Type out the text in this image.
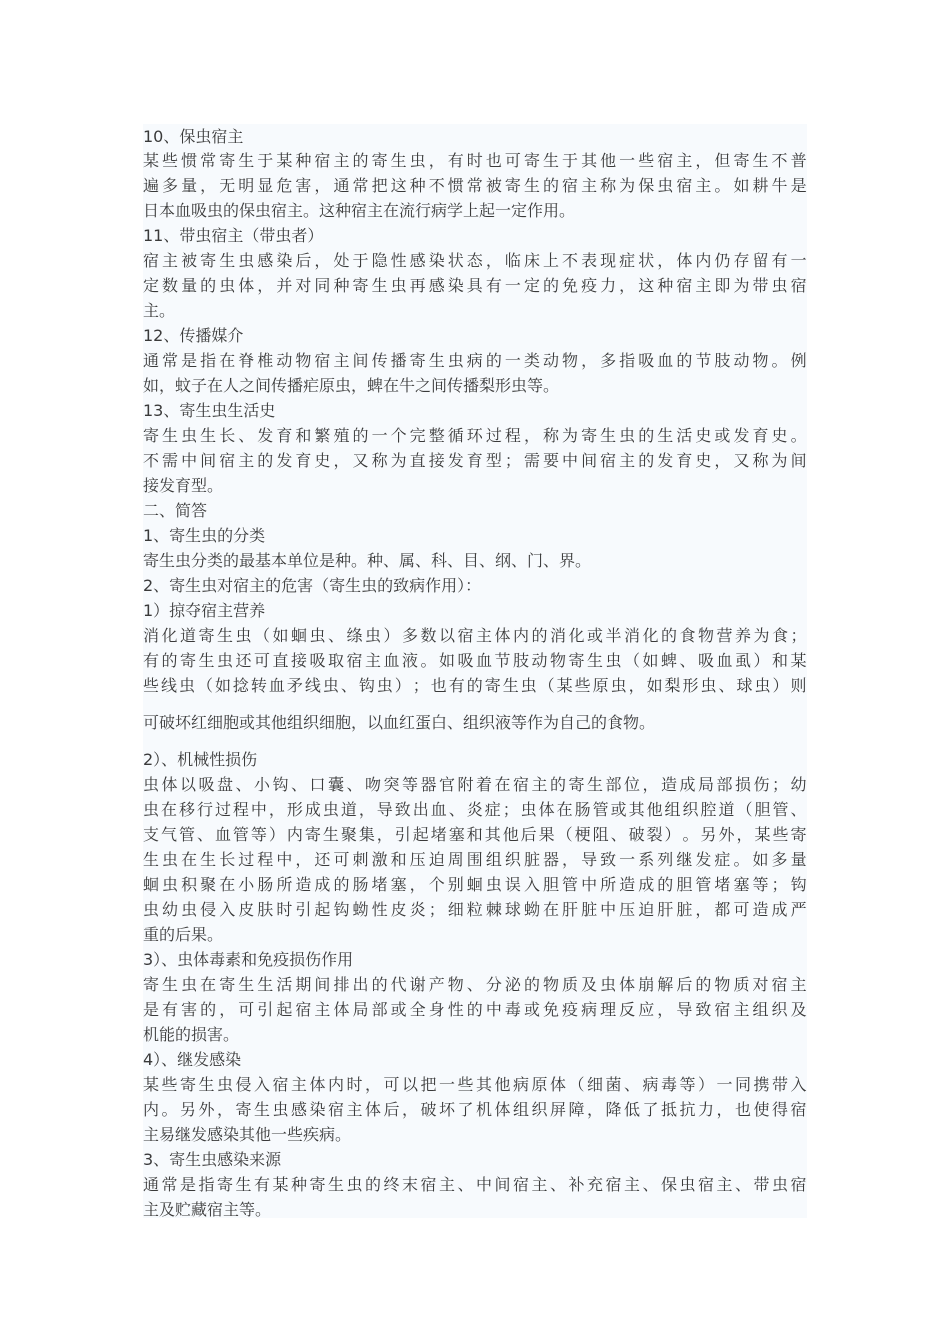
10、保虫宿主
某 些 惯 常 寄 生 于 某 种 宿 主 的 寄 生 虫 ， 有 时 也 可 寄 生 于 其 他 一 些 宿 主 ， 但 寄 生 不 普
遍 多 量 ， 无 明 显 危 害 ， 通 常 把 这 种 不 惯 常 被 寄 生 的 宿 主 称 为 保 虫 宿 主 。 如 耕 牛 是
日本血吸虫的保虫宿主。这种宿主在流行病学上起一定作用。
11、带虫宿主（带虫者）
宿 主 被 寄 生 虫 感 染 后 ， 处 于 隐 性 感 染 状 态 ， 临 床 上 不 表 现 症 状 ， 体 内 仍 存 留 有 一
定 数 量 的 虫 体 ， 并 对 同 种 寄 生 虫 再 感 染 具 有 一 定 的 免 疫 力 ， 这 种 宿 主 即 为 带 虫 宿
主。
12、传播媒介
通 常 是 指 在 脊 椎 动 物 宿 主 间 传 播 寄 生 虫 病 的 一 类 动 物 ， 多 指 吸 血 的 节 肢 动 物 。 例
如，蚊子在人之间传播疟原虫，蜱在牛之间传播梨形虫等。
13、寄生虫生活史
寄 生 虫 生 长 、 发 育 和 繁 殖 的 一 个 完 整 循 环 过 程 ， 称 为 寄 生 虫 的 生 活 史 或 发 育 史 。
不 需 中 间 宿 主 的 发 育 史 ， 又 称 为 直 接 发 育 型 ； 需 要 中 间 宿 主 的 发 育 史 ， 又 称 为 间
接发育型。
二、简答
1、寄生虫的分类
寄生虫分类的最基本单位是种。种、属、科、目、纲、门、界。
2、寄生虫对宿主的危害（寄生虫的致病作用）：
1）掠夺宿主营养
消 化 道 寄 生 虫 （ 如 蛔 虫 、 绦 虫 ） 多 数 以 宿 主 体 内 的 消 化 或 半 消 化 的 食 物 营 养 为 食 ；
有 的 寄 生 虫 还 可 直 接 吸 取 宿 主 血 液 。 如 吸 血 节 肢 动 物 寄 生 虫 （ 如 蜱 、 吸 血 虱 ） 和 某
些 线 虫 （ 如 捻 转 血 矛 线 虫 、 钩 虫 ） ； 也 有 的 寄 生 虫 （ 某 些 原 虫 ， 如 梨 形 虫 、 球 虫 ） 则
可破坏红细胞或其他组织细胞，以血红蛋白、组织液等作为自己的食物。
2）、机械性损伤
虫 体 以 吸 盘 、 小 钩 、 口 囊 、 吻 突 等 器 官 附 着 在 宿 主 的 寄 生 部 位 ， 造 成 局 部 损 伤 ； 幼
虫 在 移 行 过 程 中 ， 形 成 虫 道 ， 导 致 出 血 、 炎 症 ； 虫 体 在 肠 管 或 其 他 组 织 腔 道 （ 胆 管 、
支 气 管 、 血 管 等 ） 内 寄 生 聚 集 ， 引 起 堵 塞 和 其 他 后 果 （ 梗 阻 、 破 裂 ） 。 另 外 ， 某 些 寄
生 虫 在 生 长 过 程 中 ， 还 可 刺 激 和 压 迫 周 围 组 织 脏 器 ， 导 致 一 系 列 继 发 症 。 如 多 量
蛔 虫 积 聚 在 小 肠 所 造 成 的 肠 堵 塞 ， 个 别 蛔 虫 误 入 胆 管 中 所 造 成 的 胆 管 堵 塞 等 ； 钩
虫 幼 虫 侵 入 皮 肤 时 引 起 钩 蚴 性 皮 炎 ； 细 粒 棘 球 蚴 在 肝 脏 中 压 迫 肝 脏 ， 都 可 造 成 严
重的后果。
3）、虫体毒素和免疫损伤作用
寄 生 虫 在 寄 生 生 活 期 间 排 出 的 代 谢 产 物 、 分 泌 的 物 质 及 虫 体 崩 解 后 的 物 质 对 宿 主
是 有 害 的 ， 可 引 起 宿 主 体 局 部 或 全 身 性 的 中 毒 或 免 疫 病 理 反 应 ， 导 致 宿 主 组 织 及
机能的损害。
4）、继发感染
某 些 寄 生 虫 侵 入 宿 主 体 内 时 ， 可 以 把 一 些 其 他 病 原 体 （ 细 菌 、 病 毒 等 ） 一 同 携 带 入
内 。 另 外 ， 寄 生 虫 感 染 宿 主 体 后 ， 破 坏 了 机 体 组 织 屏 障 ， 降 低 了 抵 抗 力 ， 也 使 得 宿
主易继发感染其他一些疾病。
3、寄生虫感染来源
通 常 是 指 寄 生 有 某 种 寄 生 虫 的 终 末 宿 主 、 中 间 宿 主 、 补 充 宿 主 、 保 虫 宿 主 、 带 虫 宿
主及贮藏宿主等。
